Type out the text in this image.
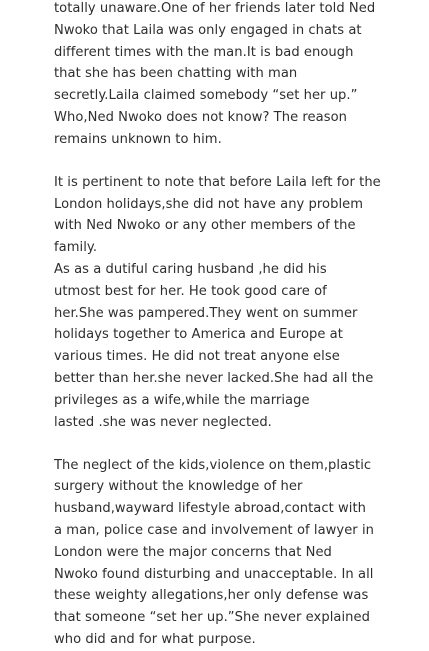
totally unaware.One of her friends later told Ned
Nwoko that Laila was only engaged in chats at
different times with the man.It is bad enough
that she has been chatting with man
secretly.Laila claimed somebody “set her up.”
Who,Ned Nwoko does not know? The reason
remains unknown to him.
It is pertinent to note that before Laila left for the
London holidays,she did not have any problem
with Ned Nwoko or any other members of the
family.
As as a dutiful caring husband ,he did his
utmost best for her. He took good care of
her.She was pampered.They went on summer
holidays together to America and Europe at
various times. He did not treat anyone else
better than her.she never lacked.She had all the
privileges as a wife,while the marriage
lasted .she was never neglected.
The neglect of the kids,violence on them,plastic
surgery without the knowledge of her
husband,wayward lifestyle abroad,contact with
a man, police case and involvement of lawyer in
London were the major concerns that Ned
Nwoko found disturbing and unacceptable. In all
these weighty allegations,her only defense was
that someone “set her up.”She never explained
who did and for what purpose.
